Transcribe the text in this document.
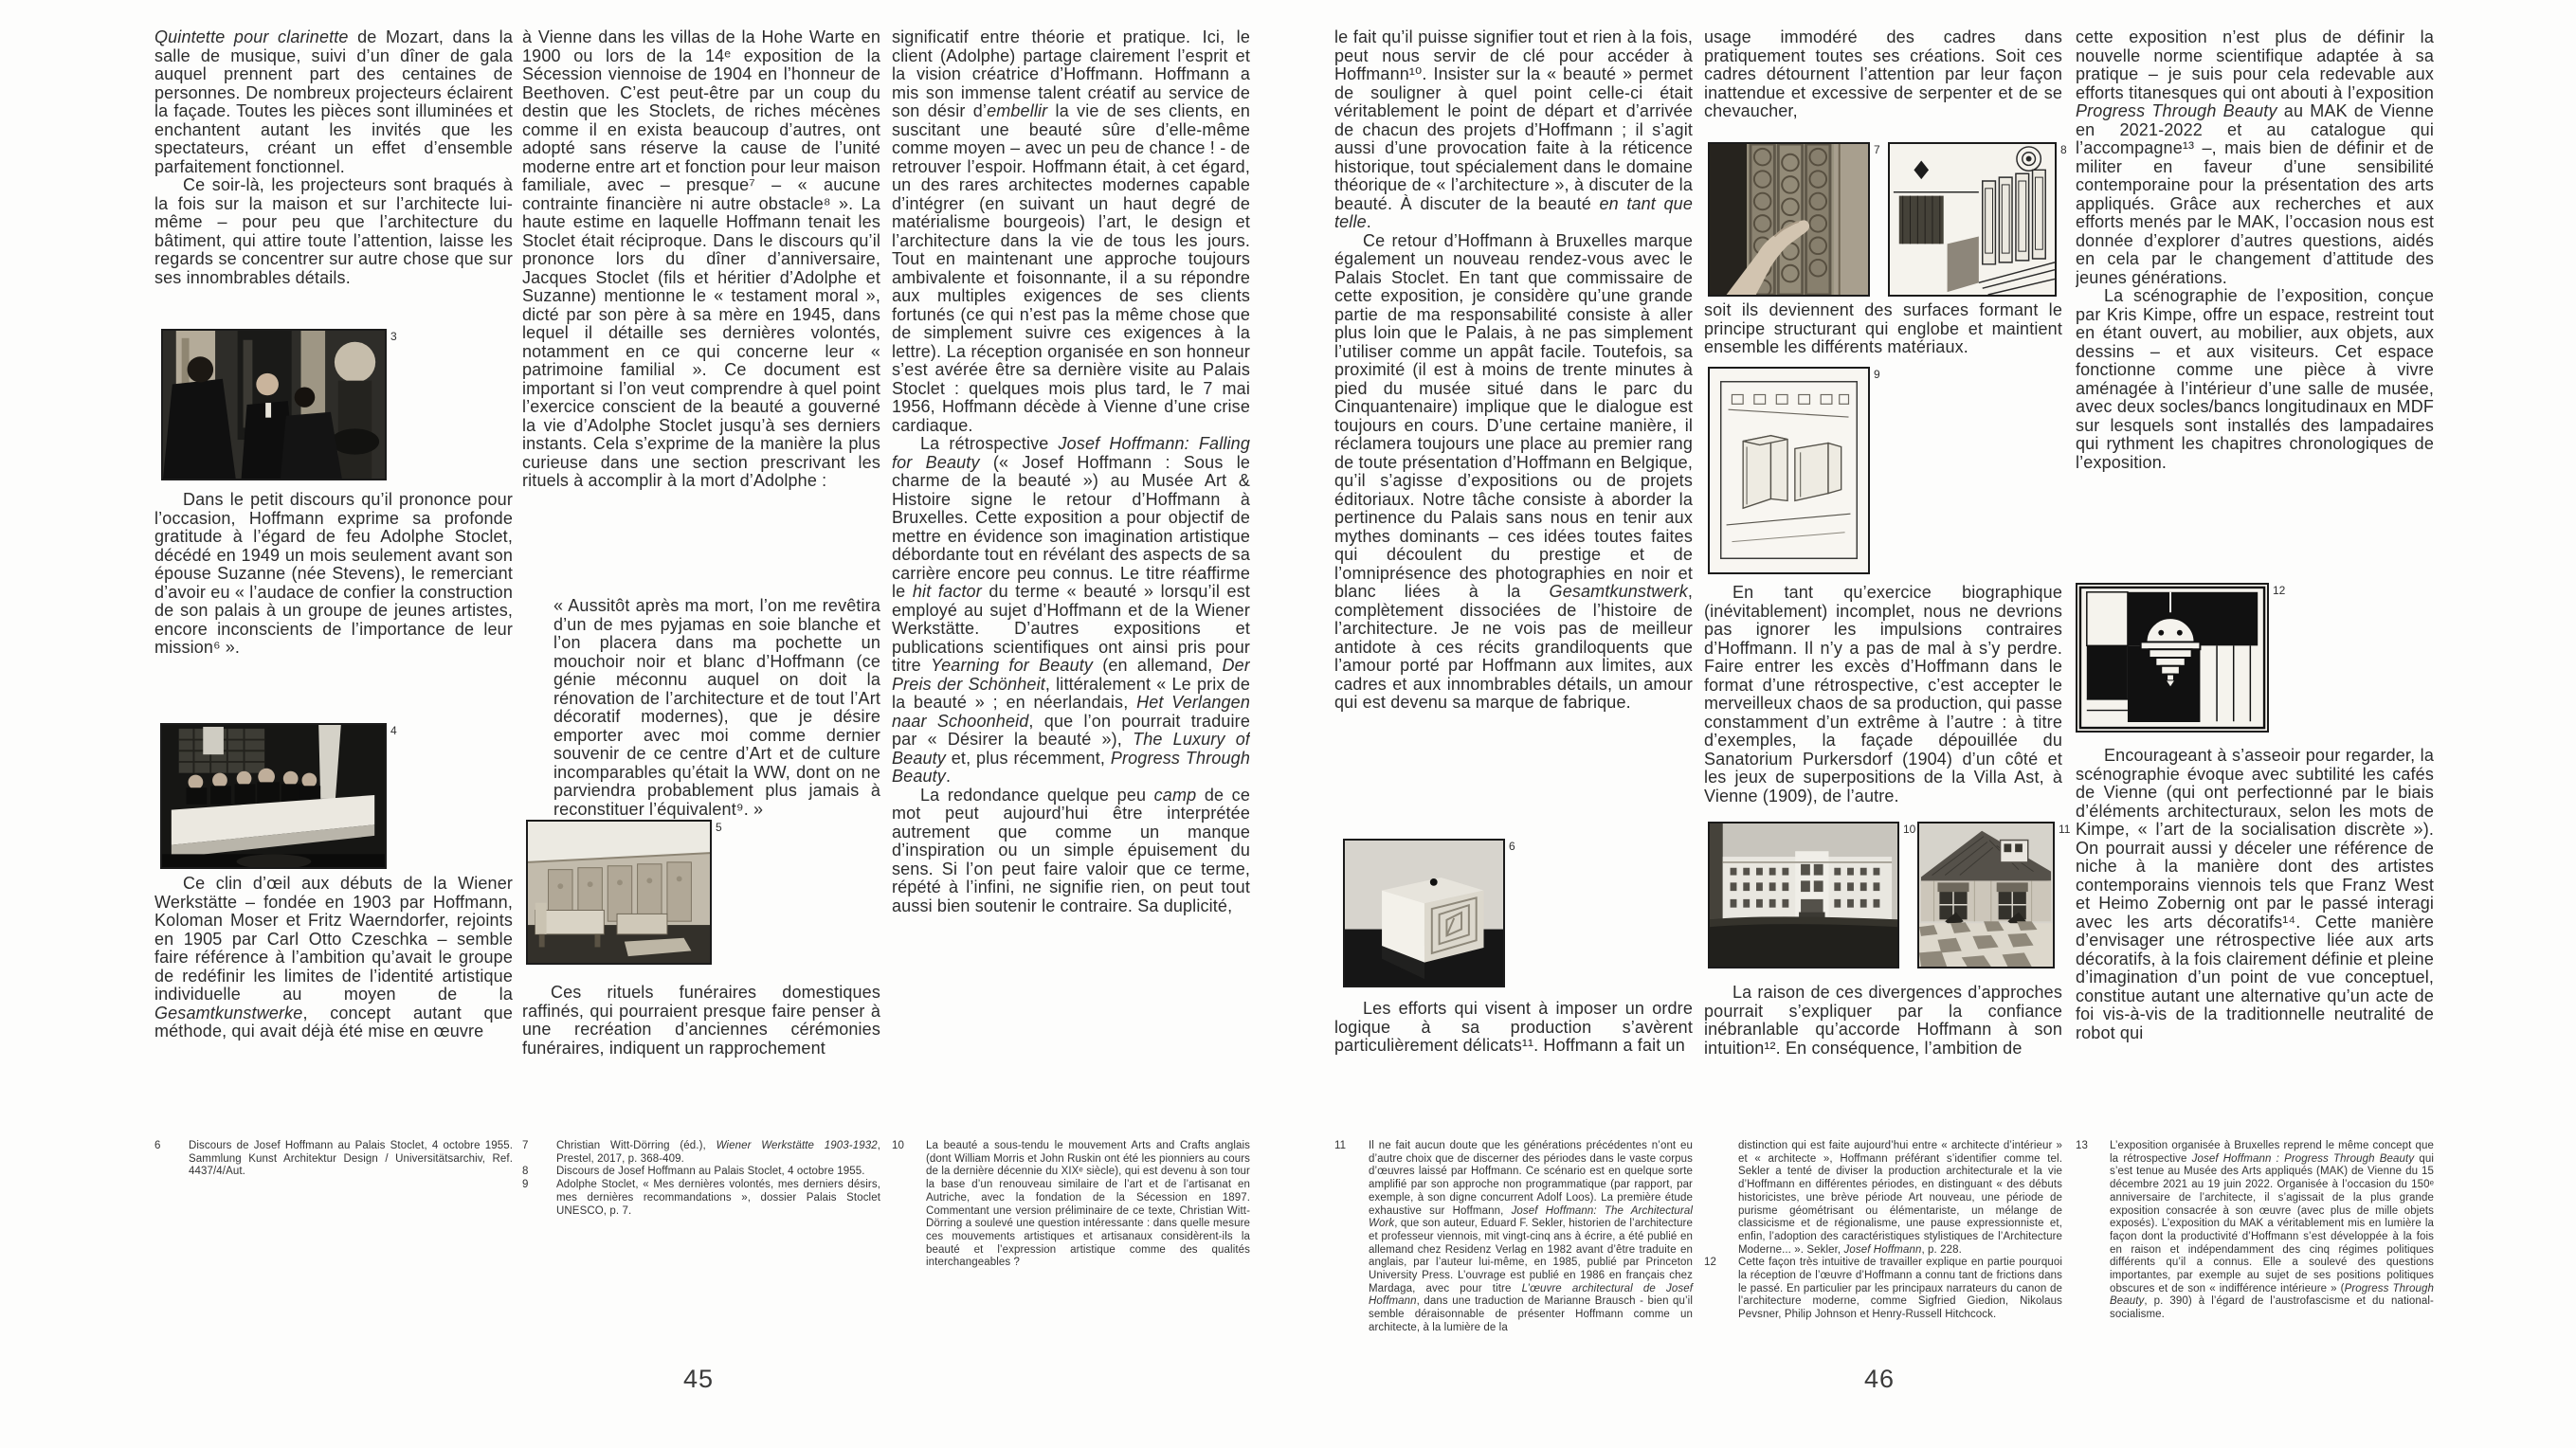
Quintette pour clarinette de Mozart, dans la salle de musique, suivi d’un dîner de gala auquel prennent part des centaines de personnes. De nombreux projecteurs éclairent la façade. Toutes les pièces sont illuminées et enchantent autant les invités que les spectateurs, créant un effet d’ensemble parfaitement fonctionnel.

Ce soir-là, les projecteurs sont braqués à la fois sur la maison et sur l’architecte lui-même – pour peu que l’architecture du bâtiment, qui attire toute l’attention, laisse les regards se concentrer sur autre chose que sur ses innombrables détails.

3

Dans le petit discours qu’il prononce pour l’occasion, Hoffmann exprime sa profonde gratitude à l’égard de feu Adolphe Stoclet, décédé en 1949 un mois seulement avant son épouse Suzanne (née Stevens), le remerciant d’avoir eu « l’audace de confier la construction de son palais à un groupe de jeunes artistes, encore inconscients de l’importance de leur mission⁶ ».

4

Ce clin d’œil aux débuts de la Wiener Werkstätte – fondée en 1903 par Hoffmann, Koloman Moser et Fritz Waerndorfer, rejoints en 1905 par Carl Otto Czeschka – semble faire référence à l’ambition qu’avait le groupe de redéfinir les limites de l’identité artistique individuelle au moyen de la Gesamtkunstwerke, concept autant que méthode, qui avait déjà été mise en œuvre

à Vienne dans les villas de la Hohe Warte en 1900 ou lors de la 14ᵉ exposition de la Sécession viennoise de 1904 en l’honneur de Beethoven. C’est peut-être par un coup du destin que les Stoclets, de riches mécènes comme il en exista beaucoup d’autres, ont adopté sans réserve la cause de l’unité moderne entre art et fonction pour leur maison familiale, avec – presque⁷ – « aucune contrainte financière ni autre obstacle⁸ ». La haute estime en laquelle Hoffmann tenait les Stoclet était réciproque. Dans le discours qu’il prononce lors du dîner d’anniversaire, Jacques Stoclet (fils et héritier d’Adolphe et Suzanne) mentionne le « testament moral », dicté par son père à sa mère en 1945, dans lequel il détaille ses dernières volontés, notamment en ce qui concerne leur « patrimoine familial ». Ce document est important si l’on veut comprendre à quel point l’exercice conscient de la beauté a gouverné la vie d’Adolphe Stoclet jusqu’à ses derniers instants. Cela s’exprime de la manière la plus curieuse dans une section prescrivant les rituels à accomplir à la mort d’Adolphe :

« Aussitôt après ma mort, l’on me revêtira d’un de mes pyjamas en soie blanche et l’on placera dans ma pochette un mouchoir noir et blanc d’Hoffmann (ce génie méconnu auquel on doit la rénovation de l’architecture et de tout l’Art décoratif modernes), que je désire emporter avec moi comme dernier souvenir de ce centre d’Art et de culture incomparables qu’était la WW, dont on ne parviendra probablement plus jamais à reconstituer l’équivalent⁹. »

5

Ces rituels funéraires domestiques raffinés, qui pourraient presque faire penser à une recréation d’anciennes cérémonies funéraires, indiquent un rapprochement

significatif entre théorie et pratique. Ici, le client (Adolphe) partage clairement l’esprit et la vision créatrice d’Hoffmann. Hoffmann a mis son immense talent créatif au service de son désir d’embellir la vie de ses clients, en suscitant une beauté sûre d’elle-même comme moyen – avec un peu de chance ! - de retrouver l’espoir. Hoffmann était, à cet égard, un des rares architectes modernes capable d’intégrer (en suivant un haut degré de matérialisme bourgeois) l’art, le design et l’architecture dans la vie de tous les jours. Tout en maintenant une approche toujours ambivalente et foisonnante, il a su répondre aux multiples exigences de ses clients fortunés (ce qui n’est pas la même chose que de simplement suivre ces exigences à la lettre). La réception organisée en son honneur s’est avérée être sa dernière visite au Palais Stoclet : quelques mois plus tard, le 7 mai 1956, Hoffmann décède à Vienne d’une crise cardiaque.

La rétrospective Josef Hoffmann: Falling for Beauty (« Josef Hoffmann : Sous le charme de la beauté ») au Musée Art & Histoire signe le retour d’Hoffmann à Bruxelles. Cette exposition a pour objectif de mettre en évidence son imagination artistique débordante tout en révélant des aspects de sa carrière encore peu connus. Le titre réaffirme le hit factor du terme « beauté » lorsqu’il est employé au sujet d’Hoffmann et de la Wiener Werkstätte. D’autres expositions et publications scientifiques ont ainsi pris pour titre Yearning for Beauty (en allemand, Der Preis der Schönheit, littéralement « Le prix de la beauté » ; en néerlandais, Het Verlangen naar Schoonheid, que l’on pourrait traduire par « Désirer la beauté »), The Luxury of Beauty et, plus récemment, Progress Through Beauty.

La redondance quelque peu camp de ce mot peut aujourd’hui être interprétée autrement que comme un manque d’inspiration ou un simple épuisement du sens. Si l’on peut faire valoir que ce terme, répété à l’infini, ne signifie rien, on peut tout aussi bien soutenir le contraire. Sa duplicité,

le fait qu’il puisse signifier tout et rien à la fois, peut nous servir de clé pour accéder à Hoffmann¹⁰. Insister sur la « beauté » permet de souligner à quel point celle-ci était véritablement le point de départ et d’arrivée de chacun des projets d’Hoffmann ; il s’agit aussi d’une provocation faite à la réticence historique, tout spécialement dans le domaine théorique de « l’architecture », à discuter de la beauté. À discuter de la beauté en tant que telle.

Ce retour d’Hoffmann à Bruxelles marque également un nouveau rendez-vous avec le Palais Stoclet. En tant que commissaire de cette exposition, je considère qu’une grande partie de ma responsabilité consiste à aller plus loin que le Palais, à ne pas simplement l’utiliser comme un appât facile. Toutefois, sa proximité (il est à moins de trente minutes à pied du musée situé dans le parc du Cinquantenaire) implique que le dialogue est toujours en cours. D’une certaine manière, il réclamera toujours une place au premier rang de toute présentation d’Hoffmann en Belgique, qu’il s’agisse d’expositions ou de projets éditoriaux. Notre tâche consiste à aborder la pertinence du Palais sans nous en tenir aux mythes dominants – ces idées toutes faites qui découlent du prestige et de l’omniprésence des photographies en noir et blanc liées à la Gesamtkunstwerk, complètement dissociées de l’histoire de l’architecture. Je ne vois pas de meilleur antidote à ces récits grandiloquents que l’amour porté par Hoffmann aux limites, aux cadres et aux innombrables détails, un amour qui est devenu sa marque de fabrique.

6

Les efforts qui visent à imposer un ordre logique à sa production s’avèrent particulièrement délicats¹¹. Hoffmann a fait un

usage immodéré des cadres dans pratiquement toutes ses créations. Soit ces cadres détournent l’attention par leur façon inattendue et excessive de serpenter et de se chevaucher,

7	8

soit ils deviennent des surfaces formant le principe structurant qui englobe et maintient ensemble les différents matériaux.

9

En tant qu’exercice biographique (inévitablement) incomplet, nous ne devrions pas ignorer les impulsions contraires d’Hoffmann. Il n’y a pas de mal à s’y perdre. Faire entrer les excès d’Hoffmann dans le format d’une rétrospective, c’est accepter le merveilleux chaos de sa production, qui passe constamment d’un extrême à l’autre : à titre d’exemples, la façade dépouillée du Sanatorium Purkersdorf (1904) d’un côté et les jeux de superpositions de la Villa Ast, à Vienne (1909), de l’autre.

10	11

La raison de ces divergences d’approches pourrait s’expliquer par la confiance inébranlable qu’accorde Hoffmann à son intuition¹². En conséquence, l’ambition de

cette exposition n’est plus de définir la nouvelle norme scientifique adaptée à sa pratique – je suis pour cela redevable aux efforts titanesques qui ont abouti à l’exposition Progress Through Beauty au MAK de Vienne en 2021-2022 et au catalogue qui l’accompagne¹³ –, mais bien de définir et de militer en faveur d’une sensibilité contemporaine pour la présentation des arts appliqués. Grâce aux recherches et aux efforts menés par le MAK, l’occasion nous est donnée d’explorer d’autres questions, aidés en cela par le changement d’attitude des jeunes générations.

La scénographie de l’exposition, conçue par Kris Kimpe, offre un espace, restreint tout en étant ouvert, au mobilier, aux objets, aux dessins – et aux visiteurs. Cet espace fonctionne comme une pièce à vivre aménagée à l’intérieur d’une salle de musée, avec deux socles/bancs longitudinaux en MDF sur lesquels sont installés des lampadaires qui rythment les chapitres chronologiques de l’exposition.

12

Encourageant à s’asseoir pour regarder, la scénographie évoque avec subtilité les cafés de Vienne (qui ont perfectionné par le biais d’éléments architecturaux, selon les mots de Kimpe, « l’art de la socialisation discrète »). On pourrait aussi y déceler une référence de niche à la manière dont des artistes contemporains viennois tels que Franz West et Heimo Zobernig ont par le passé interagi avec les arts décoratifs¹⁴. Cette manière d’envisager une rétrospective liée aux arts décoratifs, à la fois clairement définie et pleine d’imagination d’un point de vue conceptuel, constitue autant une alternative qu’un acte de foi vis-à-vis de la traditionnelle neutralité de robot qui

6	Discours de Josef Hoffmann au Palais Stoclet, 4 octobre 1955. Sammlung Kunst Architektur Design / Universitätsarchiv, Ref. 4437/4/Aut.
7	Christian Witt-Dörring (éd.), Wiener Werkstätte 1903-1932, Prestel, 2017, p. 368-409.
8	Discours de Josef Hoffmann au Palais Stoclet, 4 octobre 1955.
9	Adolphe Stoclet, « Mes dernières volontés, mes derniers désirs, mes dernières recommandations », dossier Palais Stoclet UNESCO, p. 7.
10 La beauté a sous-tendu le mouvement Arts and Crafts anglais (dont William Morris et John Ruskin ont été les pionniers au cours de la dernière décennie du XIXᵉ siècle), qui est devenu à son tour la base d’un renouveau similaire de l’art et de l’artisanat en Autriche, avec la fondation de la Sécession en 1897. Commentant une version préliminaire de ce texte, Christian Witt-Dörring a soulevé une question intéressante : dans quelle mesure ces mouvements artistiques et artisanaux considèrent-ils la beauté et l’expression artistique comme des qualités interchangeables ?
11 Il ne fait aucun doute que les générations précédentes n’ont eu d’autre choix que de discerner des périodes dans le vaste corpus d’œuvres laissé par Hoffmann. Ce scénario est en quelque sorte amplifié par son approche non programmatique (par rapport, par exemple, à son digne concurrent Adolf Loos). La première étude exhaustive sur Hoffmann, Josef Hoffmann: The Architectural Work, que son auteur, Eduard F. Sekler, historien de l’architecture et professeur viennois, mit vingt-cinq ans à écrire, a été publié en allemand chez Residenz Verlag en 1982 avant d’être traduite en anglais, par l’auteur lui-même, en 1985, publié par Princeton University Press. L’ouvrage est publié en 1986 en français chez Mardaga, avec pour titre L’œuvre architectural de Josef Hoffmann, dans une traduction de Marianne Brausch - bien qu’il semble déraisonnable de présenter Hoffmann comme un architecte, à la lumière de la
distinction qui est faite aujourd’hui entre « architecte d’intérieur » et « architecte », Hoffmann préférant s’identifier comme tel. Sekler a tenté de diviser la production architecturale et la vie d’Hoffmann en différentes périodes, en distinguant « des débuts historicistes, une brève période Art nouveau, une période de purisme géométrisant ou élémentariste, un mélange de classicisme et de régionalisme, une pause expressionniste et, enfin, l’adoption des caractéristiques stylistiques de l’Architecture Moderne... ». Sekler, Josef Hoffmann, p. 228.
12 Cette façon très intuitive de travailler explique en partie pourquoi la réception de l’œuvre d’Hoffmann a connu tant de frictions dans le passé. En particulier par les principaux narrateurs du canon de l’architecture moderne, comme Sigfried Giedion, Nikolaus Pevsner, Philip Johnson et Henry-Russell Hitchcock.
13 L’exposition organisée à Bruxelles reprend le même concept que la rétrospective Josef Hoffmann : Progress Through Beauty qui s’est tenue au Musée des Arts appliqués (MAK) de Vienne du 15 décembre 2021 au 19 juin 2022. Organisée à l’occasion du 150ᵉ anniversaire de l’architecte, il s’agissait de la plus grande exposition consacrée à son œuvre (avec plus de mille objets exposés). L’exposition du MAK a véritablement mis en lumière la façon dont la productivité d’Hoffmann s’est développée à la fois en raison et indépendamment des cinq régimes politiques différents qu’il a connus. Elle a soulevé des questions importantes, par exemple au sujet de ses positions politiques obscures et de son « indifférence intérieure » (Progress Through Beauty, p. 390) à l’égard de l’austrofascisme et du national-socialisme.
45	46
